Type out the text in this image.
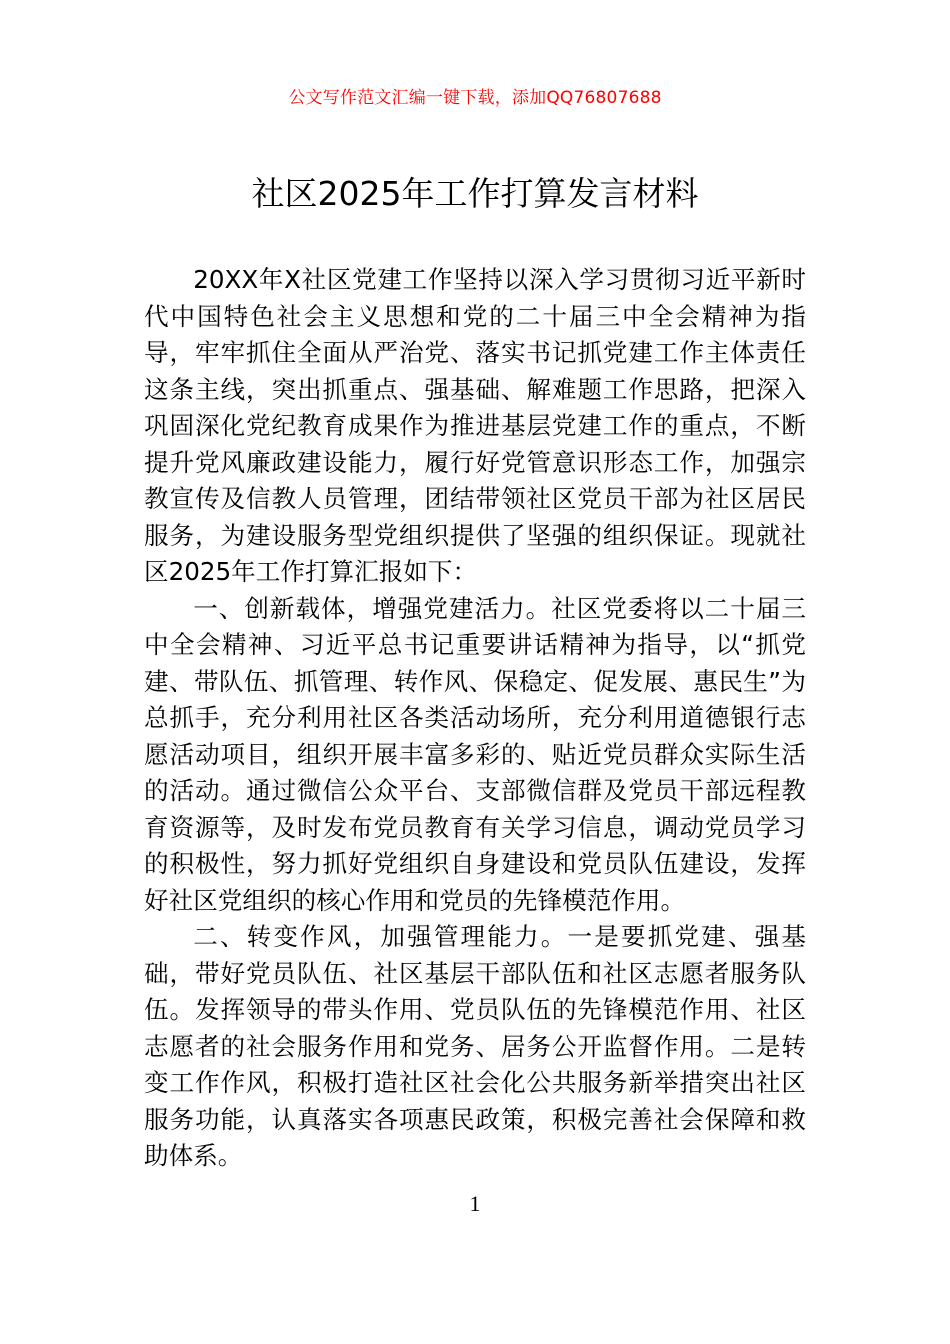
公文写作范文汇编一键下载，添加QQ76807688
社区2025年工作打算发言材料

20XX年X社区党建工作坚持以深入学习贯彻习近平新时代中国特色社会主义思想和党的二十届三中全会精神为指导，牢牢抓住全面从严治党、落实书记抓党建工作主体责任这条主线，突出抓重点、强基础、解难题工作思路，把深入巩固深化党纪教育成果作为推进基层党建工作的重点，不断提升党风廉政建设能力，履行好党管意识形态工作，加强宗教宣传及信教人员管理，团结带领社区党员干部为社区居民服务，为建设服务型党组织提供了坚强的组织保证。现就社区2025年工作打算汇报如下：

一、创新载体，增强党建活力。社区党委将以二十届三中全会精神、习近平总书记重要讲话精神为指导，以“抓党建、带队伍、抓管理、转作风、保稳定、促发展、惠民生”为总抓手，充分利用社区各类活动场所，充分利用道德银行志愿活动项目，组织开展丰富多彩的、贴近党员群众实际生活的活动。通过微信公众平台、支部微信群及党员干部远程教育资源等，及时发布党员教育有关学习信息，调动党员学习的积极性，努力抓好党组织自身建设和党员队伍建设，发挥好社区党组织的核心作用和党员的先锋模范作用。

二、转变作风，加强管理能力。一是要抓党建、强基础，带好党员队伍、社区基层干部队伍和社区志愿者服务队伍。发挥领导的带头作用、党员队伍的先锋模范作用、社区志愿者的社会服务作用和党务、居务公开监督作用。二是转变工作作风，积极打造社区社会化公共服务新举措突出社区服务功能，认真落实各项惠民政策，积极完善社会保障和救助体系。

1
